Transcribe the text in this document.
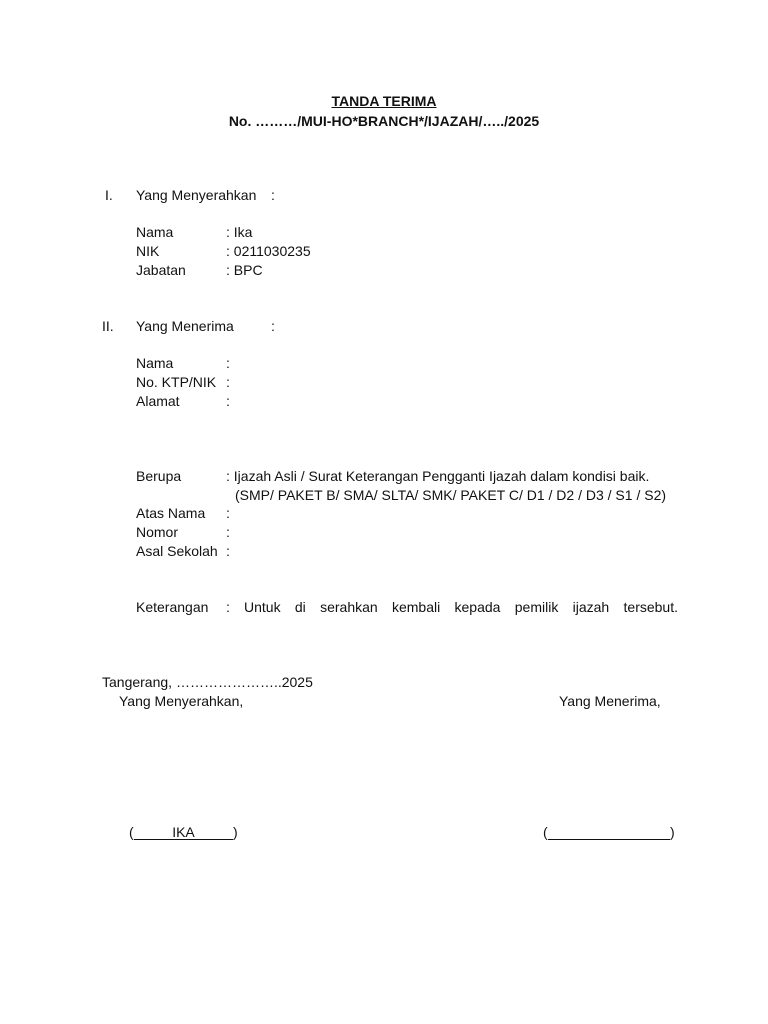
TANDA TERIMA
No. ………/MUI-HO*BRANCH*/IJAZAH/…../2025
I. Yang Menyerahkan :
Nama	: Ika
NIK	: 0211030235
Jabatan	: BPC
II. Yang Menerima	:
Nama	:
No. KTP/NIK :
Alamat	:
Berupa	: Ijazah Asli / Surat Keterangan Pengganti Ijazah dalam kondisi baik.
(SMP/ PAKET B/ SMA/ SLTA/ SMK/ PAKET C/ D1 / D2 / D3 / S1 / S2)
Atas Nama :
Nomor	:
Asal Sekolah :
Keterangan : Untuk di serahkan kembali kepada pemilik ijazah tersebut.
Tangerang, …………………..2025
Yang Menyerahkan,	Yang Menerima,
(	IKA	)	(	)
